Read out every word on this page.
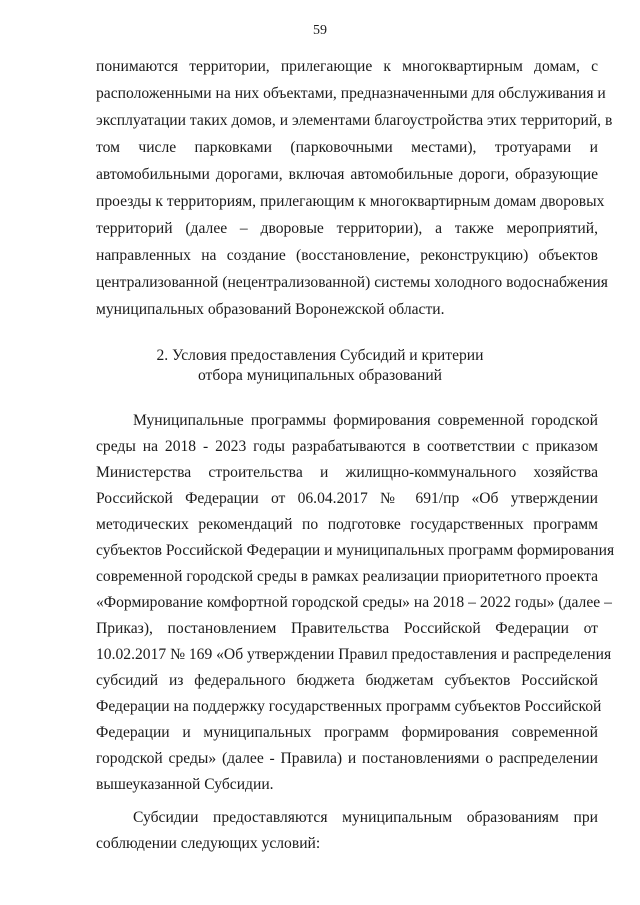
59
понимаются территории, прилегающие к многоквартирным домам, с
расположенными на них объектами, предназначенными для обслуживания и
эксплуатации таких домов, и элементами благоустройства этих территорий, в
том числе парковками (парковочными местами), тротуарами и
автомобильными дорогами, включая автомобильные дороги, образующие
проезды к территориям, прилегающим к многоквартирным домам дворовых
территорий (далее – дворовые территории), а также мероприятий,
направленных на создание (восстановление, реконструкцию) объектов
централизованной (нецентрализованной) системы холодного водоснабжения
муниципальных образований Воронежской области.
2. Условия предоставления Субсидий и критерии
отбора муниципальных образований
Муниципальные программы формирования современной городской
среды на 2018 - 2023 годы разрабатываются в соответствии с приказом
Министерства строительства и жилищно-коммунального хозяйства
Российской Федерации от 06.04.2017 № 691/пр «Об утверждении
методических рекомендаций по подготовке государственных программ
субъектов Российской Федерации и муниципальных программ формирования
современной городской среды в рамках реализации приоритетного проекта
«Формирование комфортной городской среды» на 2018 – 2022 годы» (далее –
Приказ), постановлением Правительства Российской Федерации от
10.02.2017 № 169 «Об утверждении Правил предоставления и распределения
субсидий из федерального бюджета бюджетам субъектов Российской
Федерации на поддержку государственных программ субъектов Российской
Федерации и муниципальных программ формирования современной
городской среды» (далее - Правила) и постановлениями о распределении
вышеуказанной Субсидии.
Субсидии предоставляются муниципальным образованиям при
соблюдении следующих условий:
